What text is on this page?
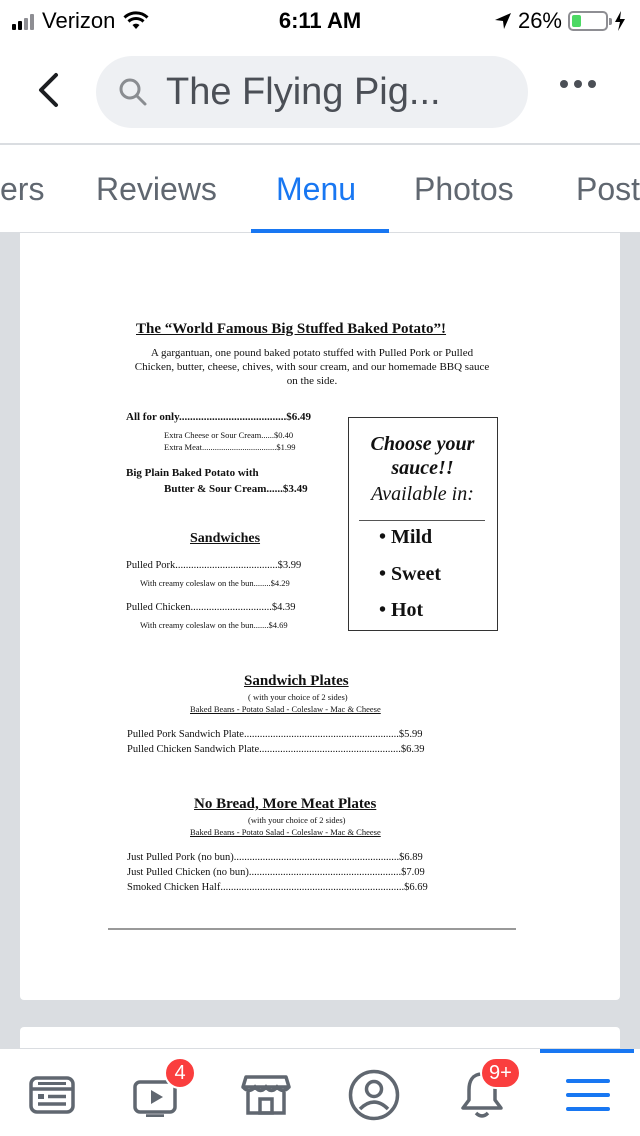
Verizon	6:11 AM	26%
The Flying Pig...
ers Reviews Menu Photos Post
The “World Famous Big Stuffed Baked Potato”!
A gargantuan, one pound baked potato stuffed with Pulled Pork or Pulled Chicken, butter, cheese, chives, with sour cream, and our homemade BBQ sauce on the side.
All for only.......................................$6.49
Extra Cheese or Sour Cream......$0.40
Extra Meat...................................$1.99
Big Plain Baked Potato with
Butter & Sour Cream......$3.49
Sandwiches
Pulled Pork.......................................$3.99
With creamy coleslaw on the bun........$4.29
Pulled Chicken...............................$4.39
With creamy coleslaw on the bun.......$4.69
Choose your sauce!!
Available in:
• Mild
• Sweet
• Hot
Sandwich Plates
( with your choice of 2 sides)
Baked Beans - Potato Salad - Coleslaw - Mac & Cheese
Pulled Pork Sandwich Plate...........................................................$5.99
Pulled Chicken Sandwich Plate......................................................$6.39
No Bread, More Meat Plates
(with your choice of 2 sides)
Baked Beans - Potato Salad - Coleslaw - Mac & Cheese
Just Pulled Pork (no bun)...............................................................$6.89
Just Pulled Chicken (no bun)..........................................................$7.09
Smoked Chicken Half......................................................................$6.69
4	9+
